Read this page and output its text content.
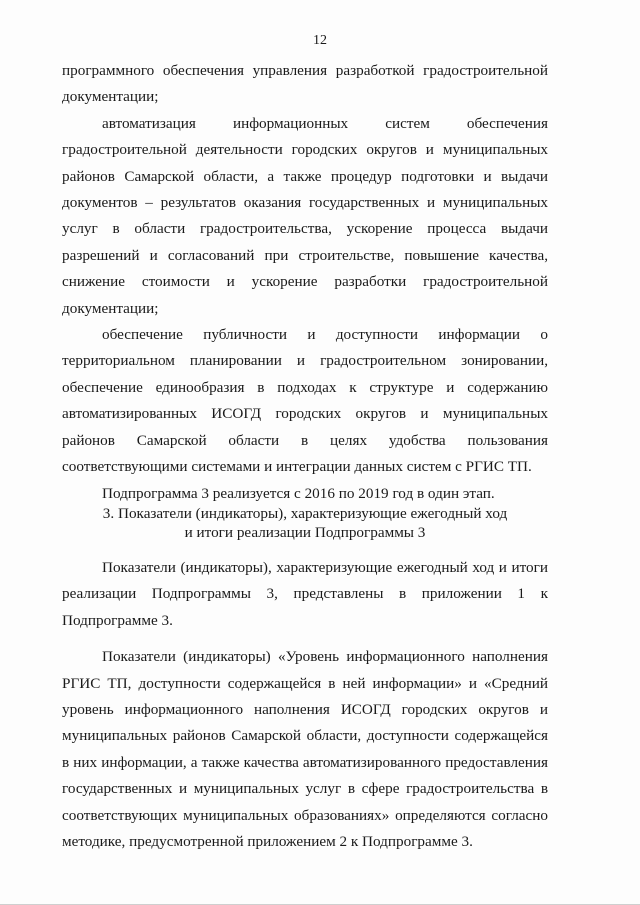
12

программного обеспечения управления разработкой градостроительной документации;

автоматизация информационных систем обеспечения градостроительной деятельности городских округов и муниципальных районов Самарской области, а также процедур подготовки и выдачи документов – результатов оказания государственных и муниципальных услуг в области градостроительства, ускорение процесса выдачи разрешений и согласований при строительстве, повышение качества, снижение стоимости и ускорение разработки градостроительной документации;

обеспечение публичности и доступности информации о территориальном планировании и градостроительном зонировании, обеспечение единообразия в подходах к структуре и содержанию автоматизированных ИСОГД городских округов и муниципальных районов Самарской области в целях удобства пользования соответствующими системами и интеграции данных систем с РГИС ТП.

Подпрограмма 3 реализуется с 2016 по 2019 год в один этап.

3. Показатели (индикаторы), характеризующие ежегодный ход
и итоги реализации Подпрограммы 3

Показатели (индикаторы), характеризующие ежегодный ход и итоги реализации Подпрограммы 3, представлены в приложении 1 к Подпрограмме 3.

Показатели (индикаторы) «Уровень информационного наполнения РГИС ТП, доступности содержащейся в ней информации» и «Средний уровень информационного наполнения ИСОГД городских округов и муниципальных районов Самарской области, доступности содержащейся в них информации, а также качества автоматизированного предоставления государственных и муниципальных услуг в сфере градостроительства в соответствующих муниципальных образованиях» определяются согласно методике, предусмотренной приложением 2 к Подпрограмме 3.
